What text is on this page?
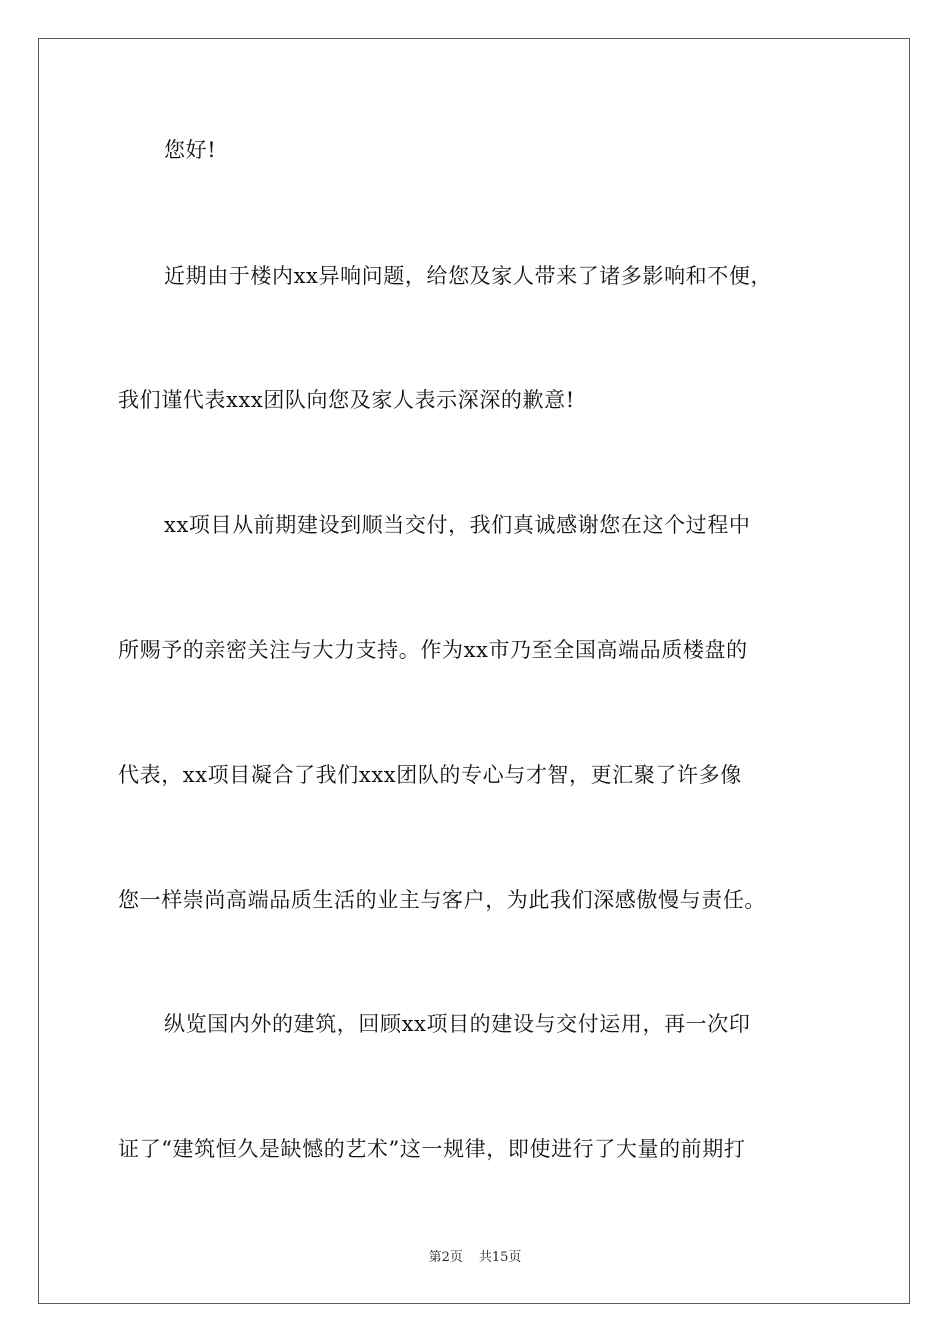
您好!
近期由于楼内xx异响问题，给您及家人带来了诸多影响和不便，
我们谨代表xxx团队向您及家人表示深深的歉意!
xx项目从前期建设到顺当交付，我们真诚感谢您在这个过程中
所赐予的亲密关注与大力支持。作为xx市乃至全国高端品质楼盘的
代表，xx项目凝合了我们xxx团队的专心与才智，更汇聚了许多像
您一样崇尚高端品质生活的业主与客户，为此我们深感傲慢与责任。
纵览国内外的建筑，回顾xx项目的建设与交付运用，再一次印
证了“建筑恒久是缺憾的艺术”这一规律，即使进行了大量的前期打
第2页 共15页
